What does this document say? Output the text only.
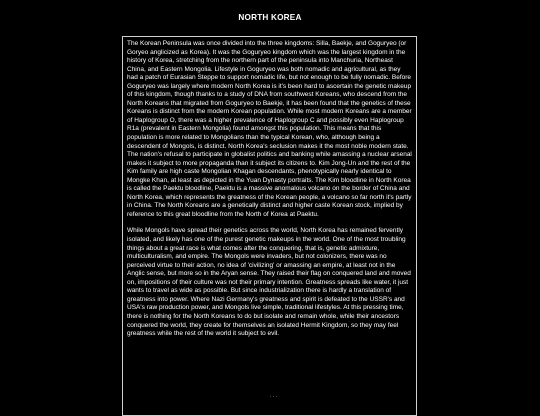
NORTH KOREA

The Korean Peninsula was once divided into the three kingdoms: Silla, Baekje, and Goguryeo (or Goryeo anglicized as Korea). It was the Goguryeo kingdom which was the largest kingdom in the history of Korea, stretching from the northern part of the peninsula into Manchuria, Northeast China, and Eastern Mongolia. Lifestyle in Goguryeo was both nomadic and agricultural, as they had a patch of Eurasian Steppe to support nomadic life, but not enough to be fully nomadic. Before Goguryeo was largely where modern North Korea is it's been hard to ascertain the genetic makeup of this kingdom, though thanks to a study of DNA from southwest Koreans, who descend from the North Koreans that migrated from Goguryeo to Baekje, it has been found that the genetics of these Koreans is distinct from the modern Korean population. While most modern Koreans are a member of Haplogroup O, there was a higher prevalence of Haplogroup C and possibly even Haplogroup R1a (prevalent in Eastern Mongolia) found amongst this population. This means that this population is more related to Mongolians than the typical Korean, who, although being a descendent of Mongols, is distinct. North Korea's seclusion makes it the most noble modern state. The nation's refusal to participate in globalist politics and banking while amassing a nuclear arsenal makes it subject to more propaganda than it subject its citizens to. Kim Jong-Un and the rest of the Kim family are high caste Mongolian Khagan descendants, phenotypically nearly identical to Mongke Khan, at least as depicted in the Yuan Dynasty portraits. The Kim bloodline in North Korea is called the Paektu bloodline, Paektu is a massive anomalous volcano on the border of China and North Korea, which represents the greatness of the Korean people, a volcano so far north it's partly in China. The North Koreans are a genetically distinct and higher caste Korean stock, implied by reference to this great bloodline from the North of Korea at Paektu.

While Mongols have spread their genetics across the world, North Korea has remained fervently isolated, and likely has one of the purest genetic makeups in the world. One of the most troubling things about a great race is what comes after the conquering, that is, genetic admixture, multiculturalism, and empire. The Mongols were invaders, but not colonizers, there was no perceived virtue to their action, no idea of 'civilizing' or amassing an empire, at least not in the Anglic sense, but more so in the Aryan sense. They raised their flag on conquered land and moved on, impositions of their culture was not their primary intention. Greatness spreads like water, it just wants to travel as wide as possible. But since industrialization there is hardly a translation of greatness into power. Where Nazi Germany's greatness and spirit is defeated to the USSR's and USA's raw production power, and Mongols live simple, traditional lifestyles. At this pressing time, there is nothing for the North Koreans to do but isolate and remain whole, while their ancestors conquered the world, they create for themselves an isolated Hermit Kingdom, so they may feel greatness while the rest of the world it subject to evil.

···
